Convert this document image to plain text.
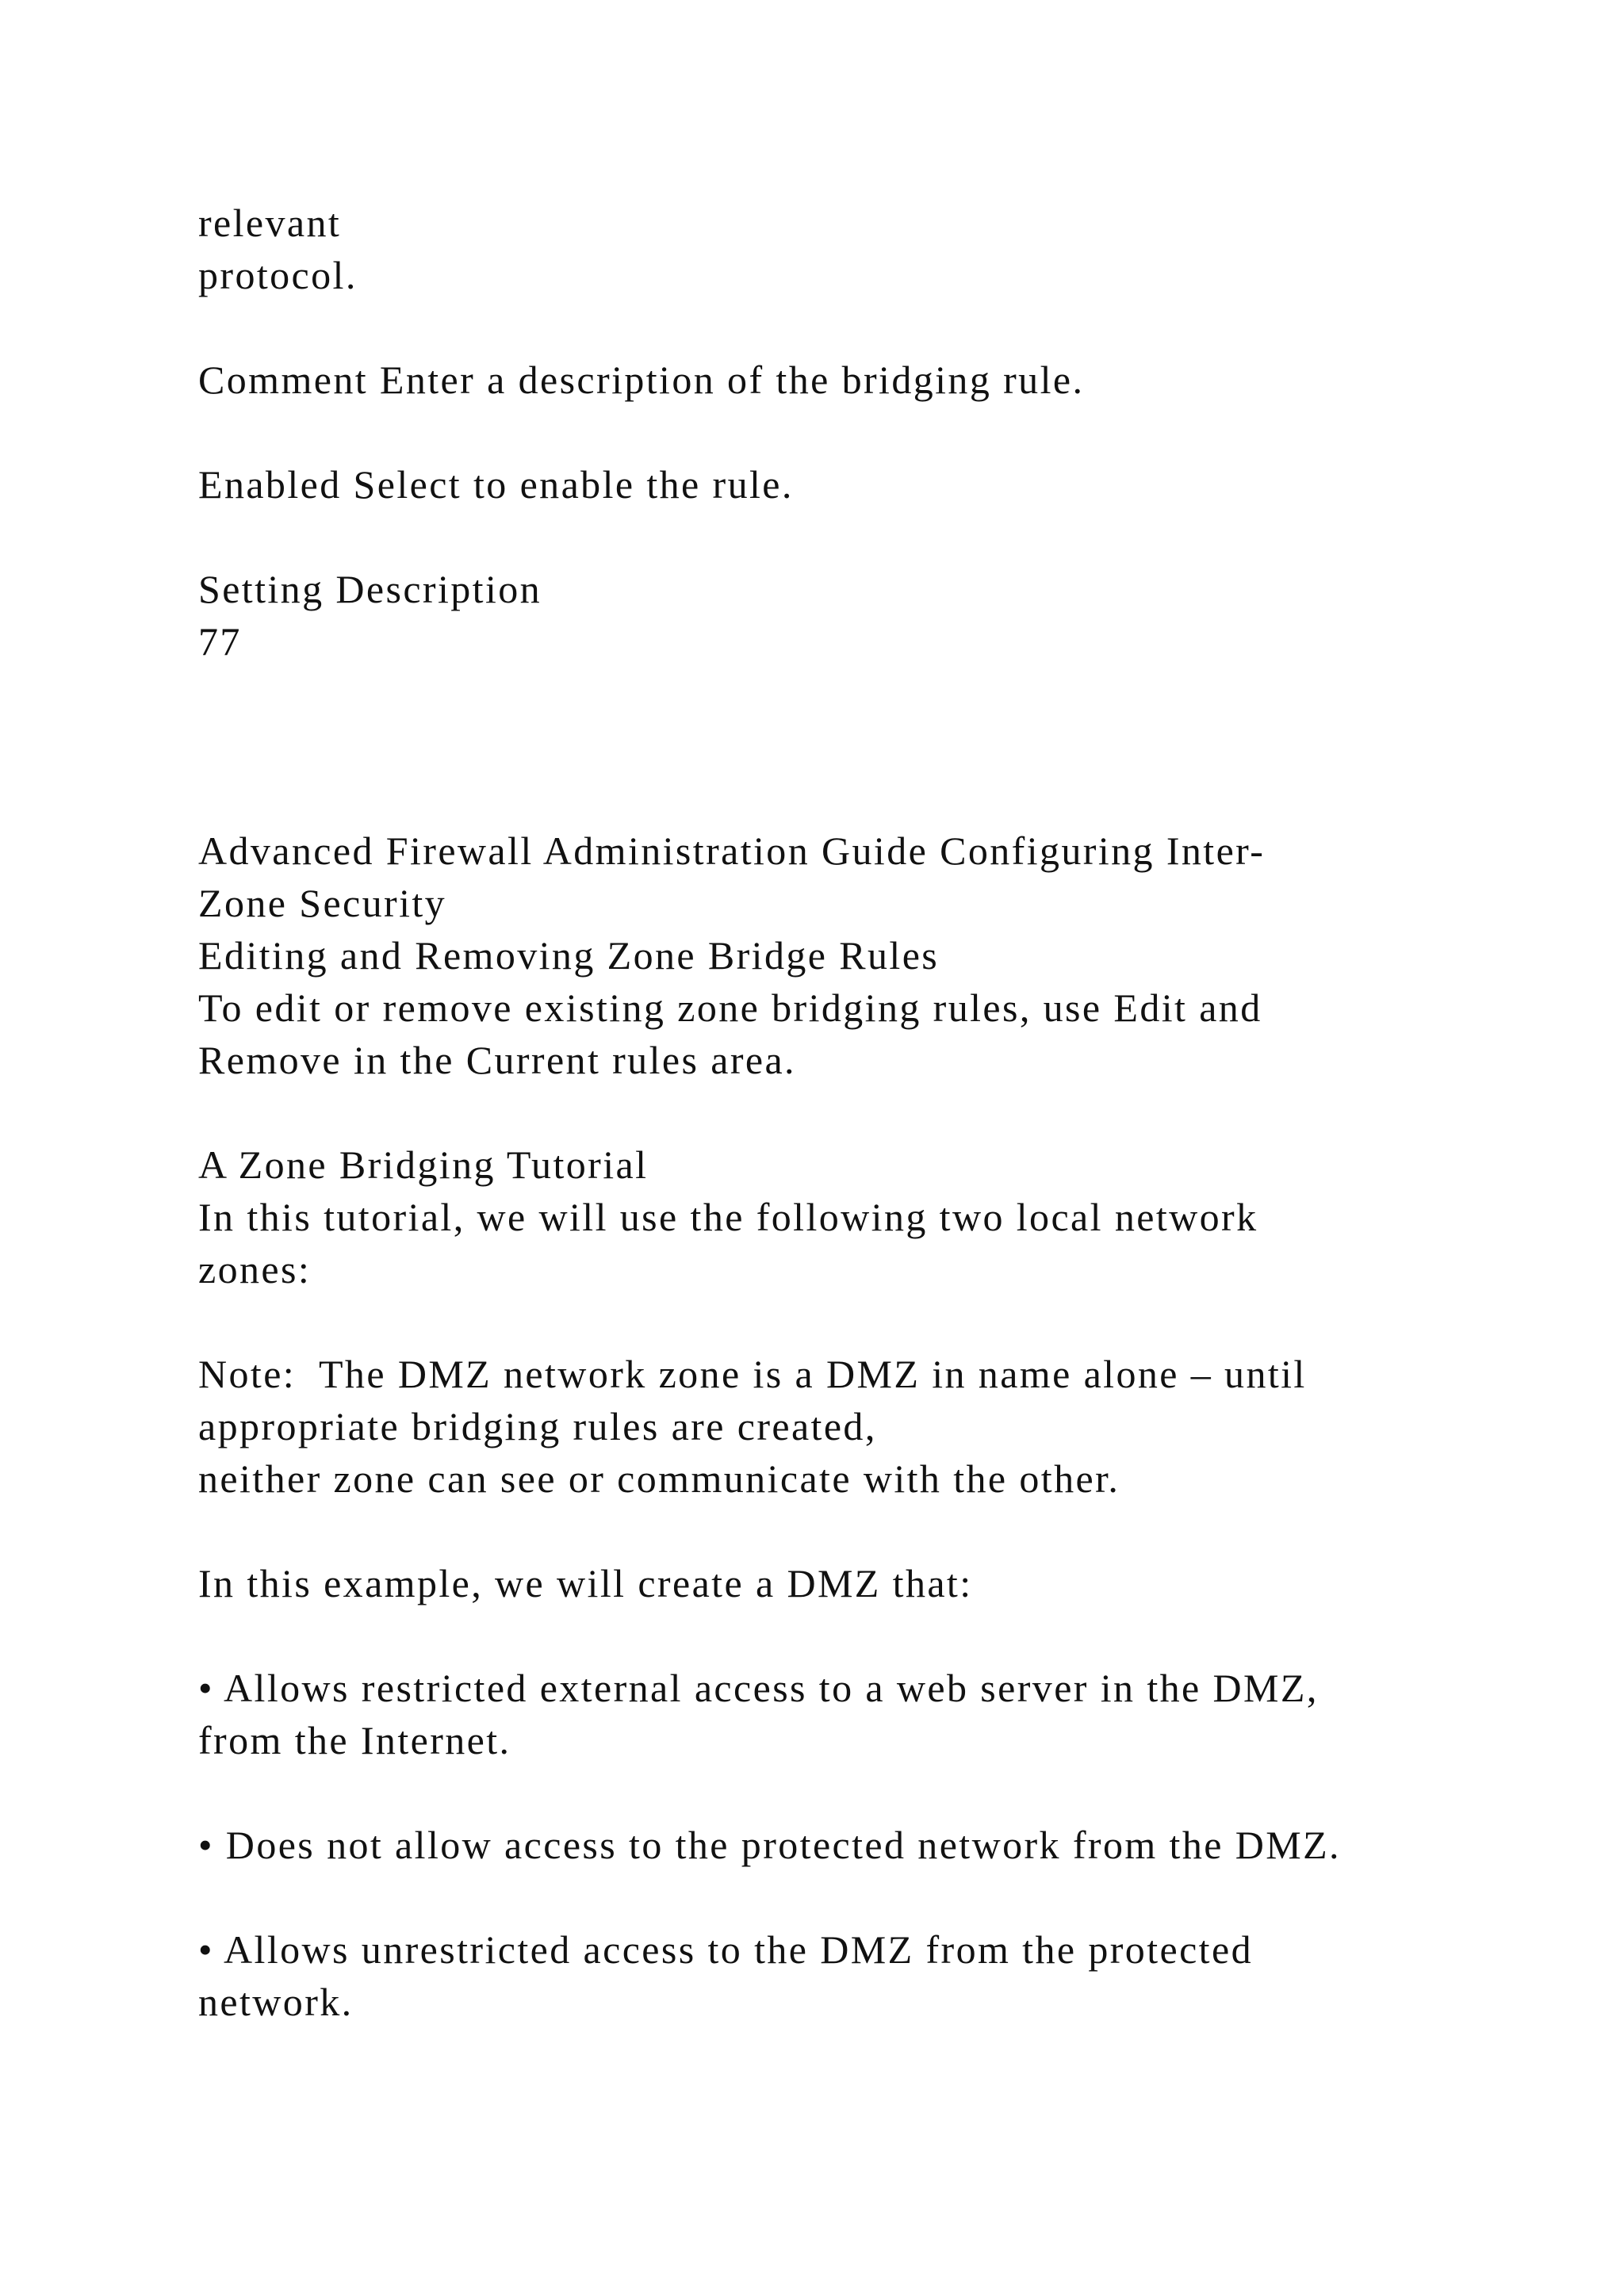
relevant
protocol.
Comment Enter a description of the bridging rule.
Enabled Select to enable the rule.
Setting Description
77
Advanced Firewall Administration Guide Configuring Inter-
Zone Security
Editing and Removing Zone Bridge Rules
To edit or remove existing zone bridging rules, use Edit and
Remove in the Current rules area.
A Zone Bridging Tutorial
In this tutorial, we will use the following two local network
zones:
Note:  The DMZ network zone is a DMZ in name alone – until
appropriate bridging rules are created,
neither zone can see or communicate with the other.
In this example, we will create a DMZ that:
• Allows restricted external access to a web server in the DMZ,
from the Internet.
• Does not allow access to the protected network from the DMZ.
• Allows unrestricted access to the DMZ from the protected
network.
